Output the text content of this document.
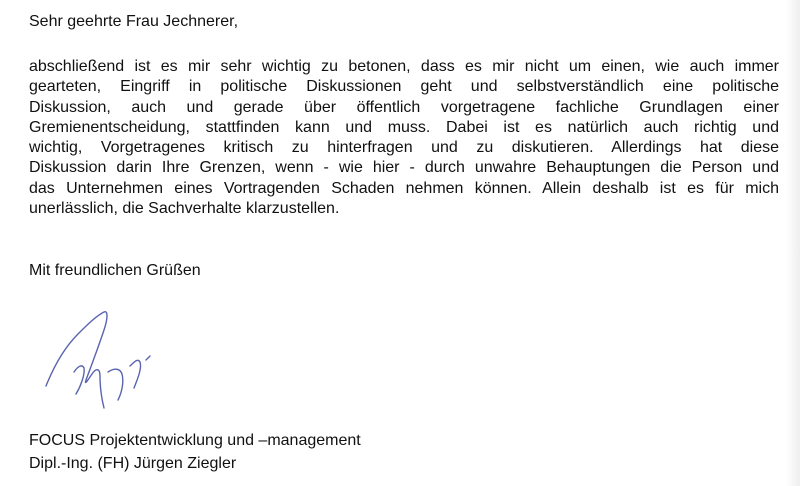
Sehr geehrte Frau Jechnerer,
abschließend ist es mir sehr wichtig zu betonen, dass es mir nicht um einen, wie auch immer
gearteten, Eingriff in politische Diskussionen geht und selbstverständlich eine politische
Diskussion, auch und gerade über öffentlich vorgetragene fachliche Grundlagen einer
Gremienentscheidung, stattfinden kann und muss. Dabei ist es natürlich auch richtig und
wichtig, Vorgetragenes kritisch zu hinterfragen und zu diskutieren. Allerdings hat diese
Diskussion darin Ihre Grenzen, wenn - wie hier - durch unwahre Behauptungen die Person und
das Unternehmen eines Vortragenden Schaden nehmen können. Allein deshalb ist es für mich
unerlässlich, die Sachverhalte klarzustellen.
Mit freundlichen Grüßen
FOCUS Projektentwicklung und –management
Dipl.-Ing. (FH) Jürgen Ziegler
